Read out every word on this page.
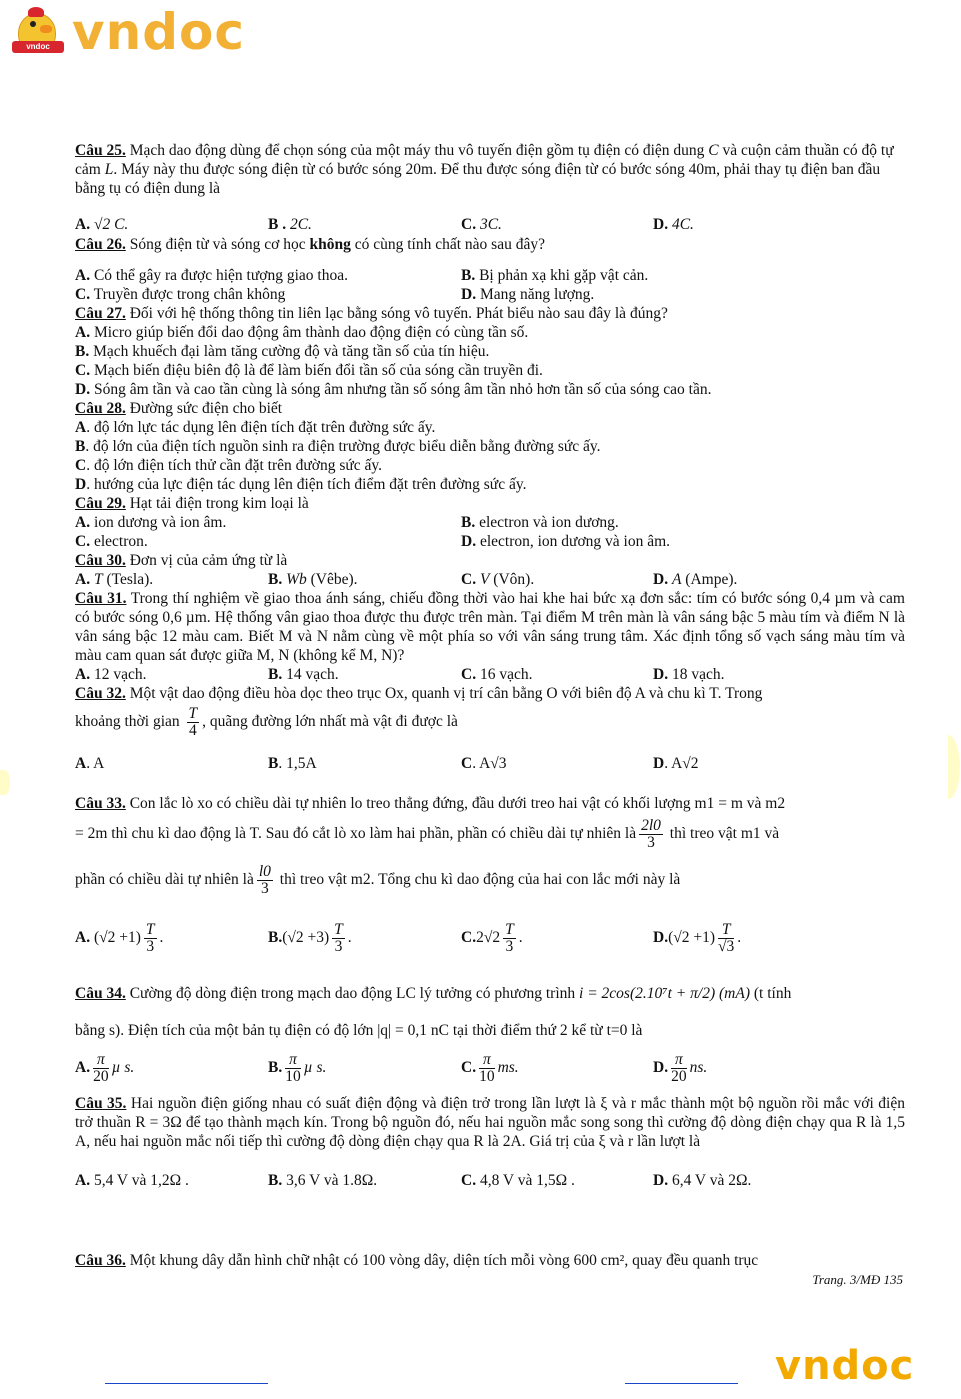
vndoc vndoc
Câu 25. Mạch dao động dùng để chọn sóng của một máy thu vô tuyến điện gồm tụ điện có điện dung C và cuộn cảm thuần có độ tự cảm L. Máy này thu được sóng điện từ có bước sóng 20m. Để thu được sóng điện từ có bước sóng 40m, phải thay tụ điện ban đầu bằng tụ có điện dung là
A. √2 C.	B . 2C.	C. 3C.	D. 4C.
Câu 26. Sóng điện từ và sóng cơ học không có cùng tính chất nào sau đây?
A. Có thể gây ra được hiện tượng giao thoa.	B. Bị phản xạ khi gặp vật cản.
C. Truyền được trong chân không	D. Mang năng lượng.
Câu 27. Đối với hệ thống thông tin liên lạc bằng sóng vô tuyến. Phát biểu nào sau đây là đúng?
A. Micro giúp biến đổi dao động âm thành dao động điện có cùng tần số.
B. Mạch khuếch đại làm tăng cường độ và tăng tần số của tín hiệu.
C. Mạch biến điệu biên độ là để làm biến đổi tần số của sóng cần truyền đi.
D. Sóng âm tần và cao tần cùng là sóng âm nhưng tần số sóng âm tần nhỏ hơn tần số của sóng cao tần.
Câu 28. Đường sức điện cho biết
A. độ lớn lực tác dụng lên điện tích đặt trên đường sức ấy.
B. độ lớn của điện tích nguồn sinh ra điện trường được biểu diễn bằng đường sức ấy.
C. độ lớn điện tích thử cần đặt trên đường sức ấy.
D. hướng của lực điện tác dụng lên điện tích điểm đặt trên đường sức ấy.
Câu 29. Hạt tải điện trong kim loại là
A. ion dương và ion âm.	B. electron và ion dương.
C. electron.	D. electron, ion dương và ion âm.
Câu 30. Đơn vị của cảm ứng từ là
A. T (Tesla).	B. Wb (Vêbe).	C. V (Vôn).	D. A (Ampe).
Câu 31. Trong thí nghiệm về giao thoa ánh sáng, chiếu đồng thời vào hai khe hai bức xạ đơn sắc: tím có bước sóng 0,4 µm và cam có bước sóng 0,6 µm. Hệ thống vân giao thoa được thu được trên màn. Tại điểm M trên màn là vân sáng bậc 5 màu tím và điểm N là vân sáng bậc 12 màu cam. Biết M và N nằm cùng về một phía so với vân sáng trung tâm. Xác định tổng số vạch sáng màu tím và màu cam quan sát được giữa M, N (không kể M, N)?
A. 12 vạch.	B. 14 vạch.	C. 16 vạch.	D. 18 vạch.
Câu 32. Một vật dao động điều hòa dọc theo trục Ox, quanh vị trí cân bằng O với biên độ A và chu kì T. Trong
khoảng thời gian $\frac{T}{4}$ , quãng đường lớn nhất mà vật đi được là
A. A	B. 1,5A	C. A√3	D. A√2
Câu 33. Con lắc lò xo có chiều dài tự nhiên lo treo thẳng đứng, đầu dưới treo hai vật có khối lượng m1 = m và m2
= 2m thì chu kì dao động là T. Sau đó cắt lò xo làm hai phần, phần có chiều dài tự nhiên là $\frac{2l0}{3}$ thì treo vật m1 và
phần có chiều dài tự nhiên là $\frac{l0}{3}$ thì treo vật m2. Tổng chu kì dao động của hai con lắc mới này là
A. $(√2 +1) \frac{T}{3}$ .	$B.(√2 +3) \frac{T}{3}$ .	$C.2√2 \frac{T}{3}$ .	$D.(√2 +1) \frac{T}{√3}$ .
Câu 34. Cường độ dòng điện trong mạch dao động LC lý tưởng có phương trình i = 2cos(2.10⁷t + π/2) (mA) (t tính
bằng s). Điện tích của một bản tụ điện có độ lớn |q| = 0,1 nC tại thời điểm thứ 2 kể từ t=0 là
A. $\frac{\pi}{20}$ µ s.	B. $\frac{\pi}{10}$ µ s.	C. $\frac{\pi}{10}$ ms.	D. $\frac{\pi}{20}$ ns.
Câu 35. Hai nguồn điện giống nhau có suất điện động và điện trở trong lần lượt là ξ và r mắc thành một bộ nguồn rồi mắc với điện trở thuần R = 3Ω để tạo thành mạch kín. Trong bộ nguồn đó, nếu hai nguồn mắc song song thì cường độ dòng điện chạy qua R là 1,5 A, nếu hai nguồn mắc nối tiếp thì cường độ dòng điện chạy qua R là 2A. Giá trị của ξ và r lần lượt là
A. 5,4 V và 1,2Ω .	B. 3,6 V và 1.8Ω.	C. 4,8 V và 1,5Ω .	D. 6,4 V và 2Ω.
Câu 36. Một khung dây dẫn hình chữ nhật có 100 vòng dây, diện tích mỗi vòng 600 cm², quay đều quanh trục
Trang. 3/MĐ 135
vndoc
